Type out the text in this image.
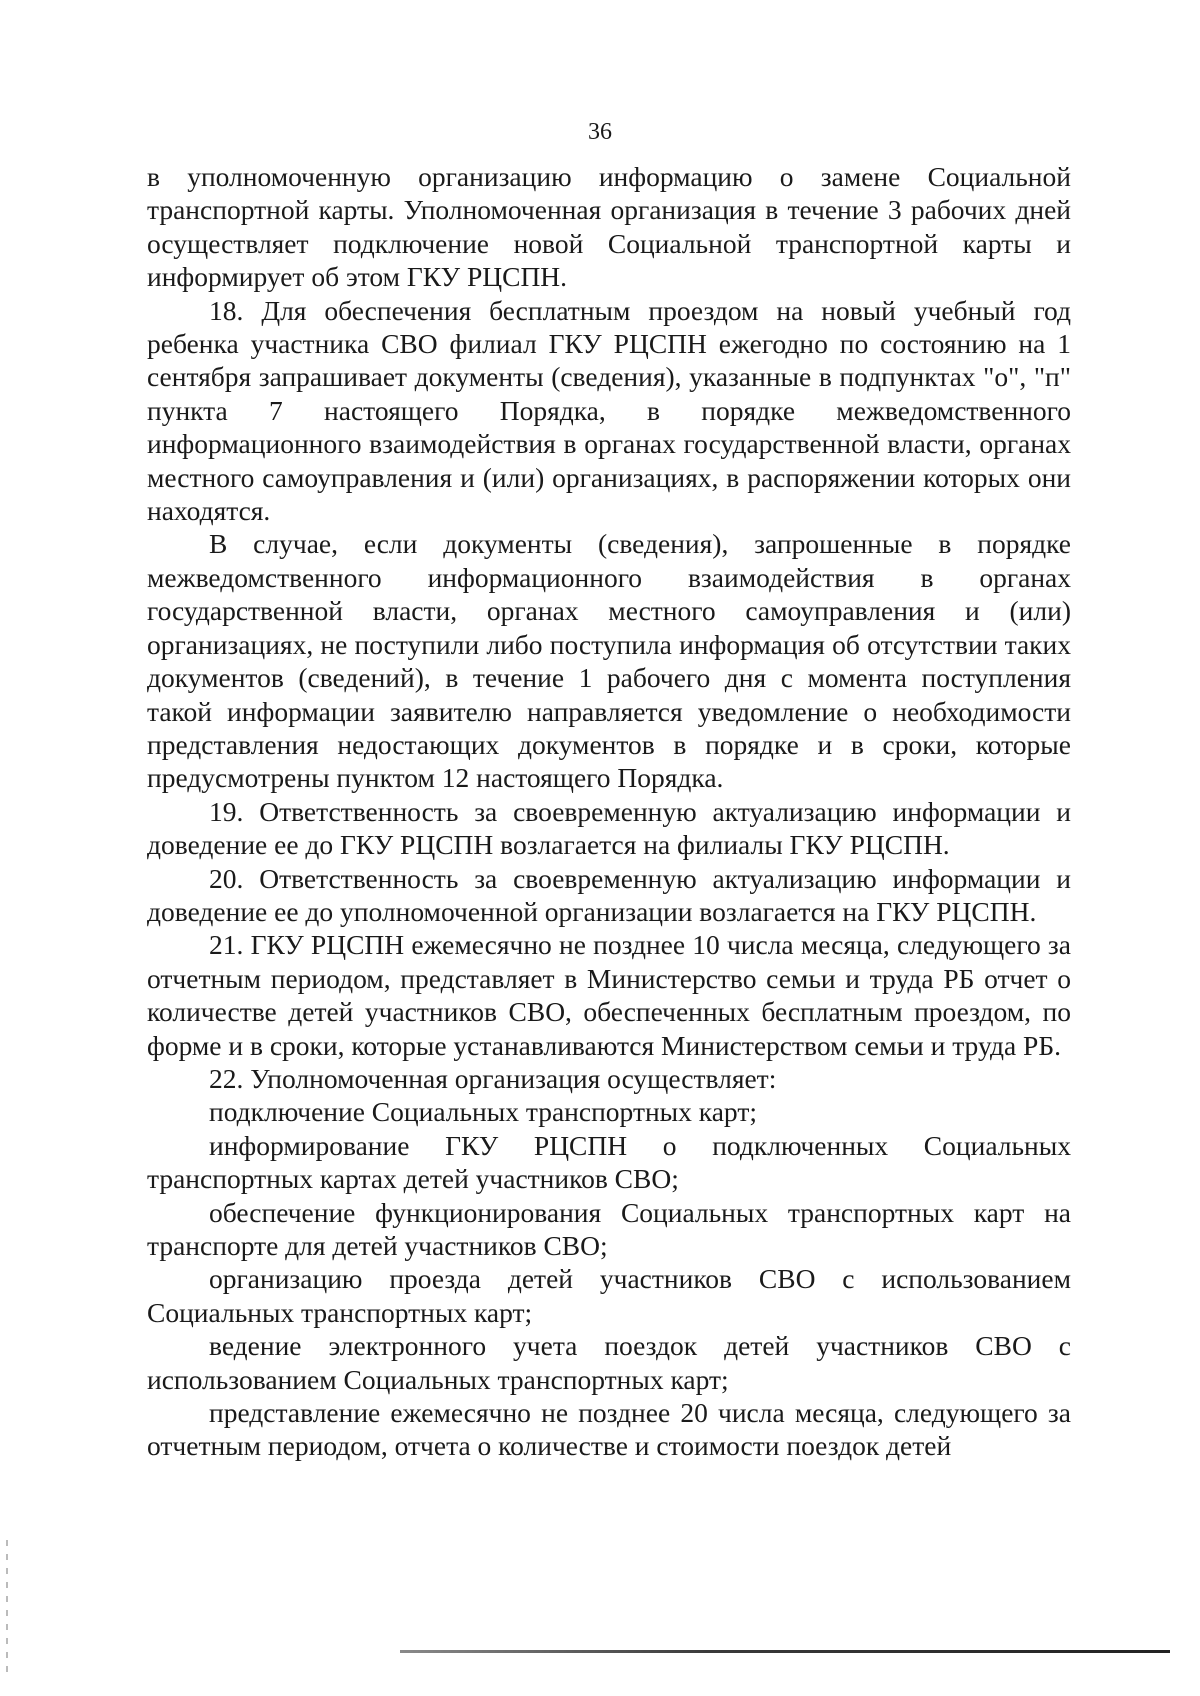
36

в уполномоченную организацию информацию о замене Социальной транспортной карты. Уполномоченная организация в течение 3 рабочих дней осуществляет подключение новой Социальной транспортной карты и информирует об этом ГКУ РЦСПН.

18. Для обеспечения бесплатным проездом на новый учебный год ребенка участника СВО филиал ГКУ РЦСПН ежегодно по состоянию на 1 сентября запрашивает документы (сведения), указанные в подпунктах "о", "п" пункта 7 настоящего Порядка, в порядке межведомственного информационного взаимодействия в органах государственной власти, органах местного самоуправления и (или) организациях, в распоряжении которых они находятся.

В случае, если документы (сведения), запрошенные в порядке межведомственного информационного взаимодействия в органах государственной власти, органах местного самоуправления и (или) организациях, не поступили либо поступила информация об отсутствии таких документов (сведений), в течение 1 рабочего дня с момента поступления такой информации заявителю направляется уведомление о необходимости представления недостающих документов в порядке и в сроки, которые предусмотрены пунктом 12 настоящего Порядка.

19. Ответственность за своевременную актуализацию информации и доведение ее до ГКУ РЦСПН возлагается на филиалы ГКУ РЦСПН.

20. Ответственность за своевременную актуализацию информации и доведение ее до уполномоченной организации возлагается на ГКУ РЦСПН.

21. ГКУ РЦСПН ежемесячно не позднее 10 числа месяца, следующего за отчетным периодом, представляет в Министерство семьи и труда РБ отчет о количестве детей участников СВО, обеспеченных бесплатным проездом, по форме и в сроки, которые устанавливаются Министерством семьи и труда РБ.

22. Уполномоченная организация осуществляет:

подключение Социальных транспортных карт;

информирование ГКУ РЦСПН о подключенных Социальных транспортных картах детей участников СВО;

обеспечение функционирования Социальных транспортных карт на транспорте для детей участников СВО;

организацию проезда детей участников СВО с использованием Социальных транспортных карт;

ведение электронного учета поездок детей участников СВО с использованием Социальных транспортных карт;

представление ежемесячно не позднее 20 числа месяца, следующего за отчетным периодом, отчета о количестве и стоимости поездок детей
